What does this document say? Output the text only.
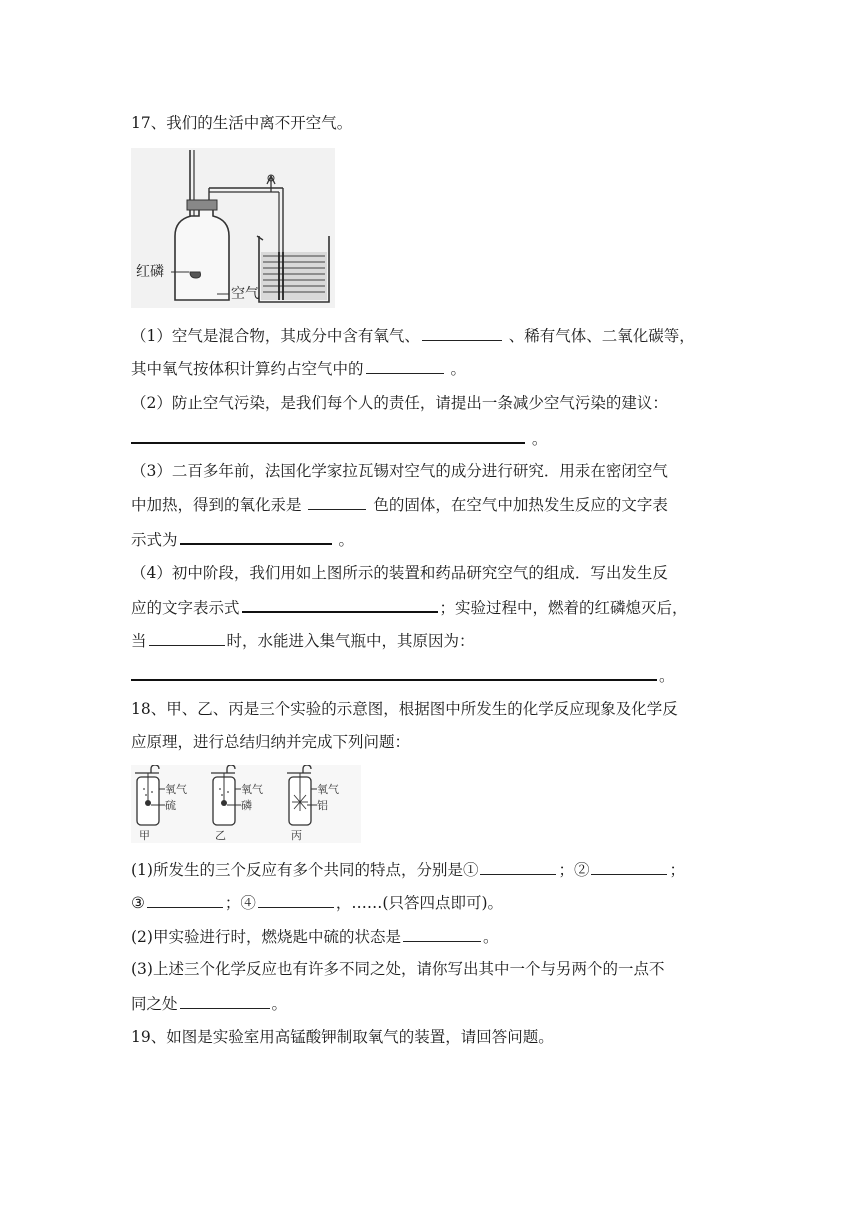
17、我们的生活中离不开空气。
红磷
空气
（1）空气是混合物，其成分中含有氧气、	、稀有气体、二氧化碳等，
其中氧气按体积计算约占空气中的	。
（2）防止空气污染，是我们每个人的责任，请提出一条减少空气污染的建议：
。
（3）二百多年前，法国化学家拉瓦锡对空气的成分进行研究．用汞在密闭空气
中加热，得到的氧化汞是	色的固体，在空气中加热发生反应的文字表
示式为	。
（4）初中阶段，我们用如上图所示的装置和药品研究空气的组成．写出发生反
应的文字表示式	；实验过程中，燃着的红磷熄灭后，
当	时，水能进入集气瓶中，其原因为：
。
18、甲、乙、丙是三个实验的示意图，根据图中所发生的化学反应现象及化学反
应原理，进行总结归纳并完成下列问题：
氧气
硫
甲
氧气
磷
乙
氧气
铝
丙
(1)所发生的三个反应有多个共同的特点，分别是①	；②	；
③	；④	，……(只答四点即可)。
(2)甲实验进行时，燃烧匙中硫的状态是	。
(3)上述三个化学反应也有许多不同之处，请你写出其中一个与另两个的一点不
同之处	。
19、如图是实验室用高锰酸钾制取氧气的装置，请回答问题。
